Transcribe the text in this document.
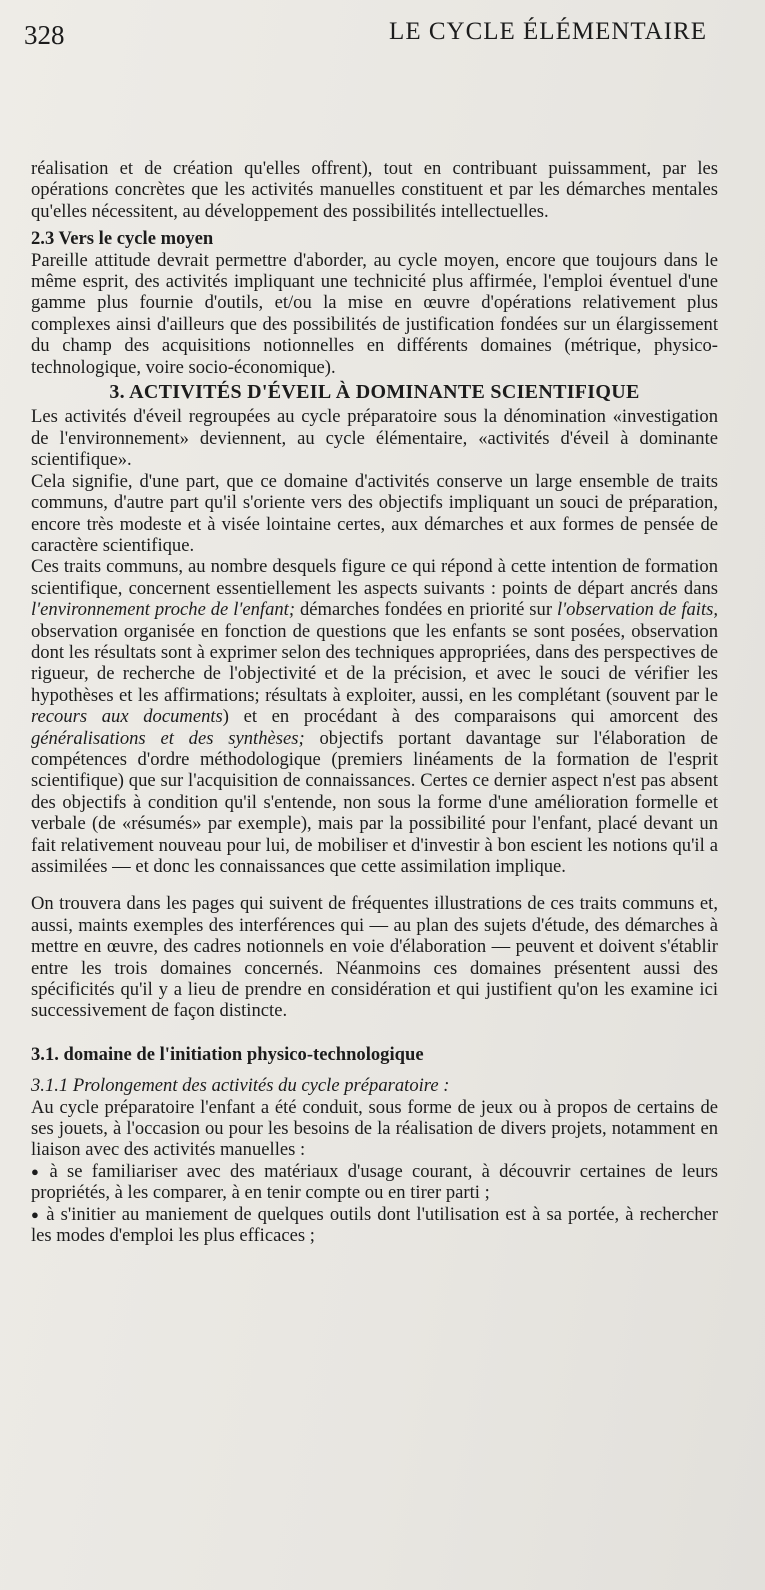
328	LE CYCLE ÉLÉMENTAIRE

réalisation et de création qu'elles offrent), tout en contribuant puissamment, par les opérations concrètes que les activités manuelles constituent et par les démarches mentales qu'elles nécessitent, au développement des possibilités intellectuelles.

2.3 Vers le cycle moyen

Pareille attitude devrait permettre d'aborder, au cycle moyen, encore que toujours dans le même esprit, des activités impliquant une technicité plus affirmée, l'emploi éventuel d'une gamme plus fournie d'outils, et/ou la mise en œuvre d'opérations relativement plus complexes ainsi d'ailleurs que des possibilités de justification fondées sur un élargissement du champ des acquisitions notionnelles en différents domaines (métrique, physico-technologique, voire socio-économique).

3. ACTIVITÉS D'ÉVEIL À DOMINANTE SCIENTIFIQUE

Les activités d'éveil regroupées au cycle préparatoire sous la dénomination «investigation de l'environnement» deviennent, au cycle élémentaire, «activités d'éveil à dominante scientifique».

Cela signifie, d'une part, que ce domaine d'activités conserve un large ensemble de traits communs, d'autre part qu'il s'oriente vers des objectifs impliquant un souci de préparation, encore très modeste et à visée lointaine certes, aux démarches et aux formes de pensée de caractère scientifique.

Ces traits communs, au nombre desquels figure ce qui répond à cette intention de formation scientifique, concernent essentiellement les aspects suivants : points de départ ancrés dans l'environnement proche de l'enfant; démarches fondées en priorité sur l'observation de faits, observation organisée en fonction de questions que les enfants se sont posées, observation dont les résultats sont à exprimer selon des techniques appropriées, dans des perspectives de rigueur, de recherche de l'objectivité et de la précision, et avec le souci de vérifier les hypothèses et les affirmations; résultats à exploiter, aussi, en les complétant (souvent par le recours aux documents) et en procédant à des comparaisons qui amorcent des généralisations et des synthèses; objectifs portant davantage sur l'élaboration de compétences d'ordre méthodologique (premiers linéaments de la formation de l'esprit scientifique) que sur l'acquisition de connaissances. Certes ce dernier aspect n'est pas absent des objectifs à condition qu'il s'entende, non sous la forme d'une amélioration formelle et verbale (de «résumés» par exemple), mais par la possibilité pour l'enfant, placé devant un fait relativement nouveau pour lui, de mobiliser et d'investir à bon escient les notions qu'il a assimilées — et donc les connaissances que cette assimilation implique.

On trouvera dans les pages qui suivent de fréquentes illustrations de ces traits communs et, aussi, maints exemples des interférences qui — au plan des sujets d'étude, des démarches à mettre en œuvre, des cadres notionnels en voie d'élaboration — peuvent et doivent s'établir entre les trois domaines concernés. Néanmoins ces domaines présentent aussi des spécificités qu'il y a lieu de prendre en considération et qui justifient qu'on les examine ici successivement de façon distincte.

3.1. domaine de l'initiation physico-technologique

3.1.1 Prolongement des activités du cycle préparatoire :

Au cycle préparatoire l'enfant a été conduit, sous forme de jeux ou à propos de certains de ses jouets, à l'occasion ou pour les besoins de la réalisation de divers projets, notamment en liaison avec des activités manuelles :

● à se familiariser avec des matériaux d'usage courant, à découvrir certaines de leurs propriétés, à les comparer, à en tenir compte ou en tirer parti ;

● à s'initier au maniement de quelques outils dont l'utilisation est à sa portée, à rechercher les modes d'emploi les plus efficaces ;
